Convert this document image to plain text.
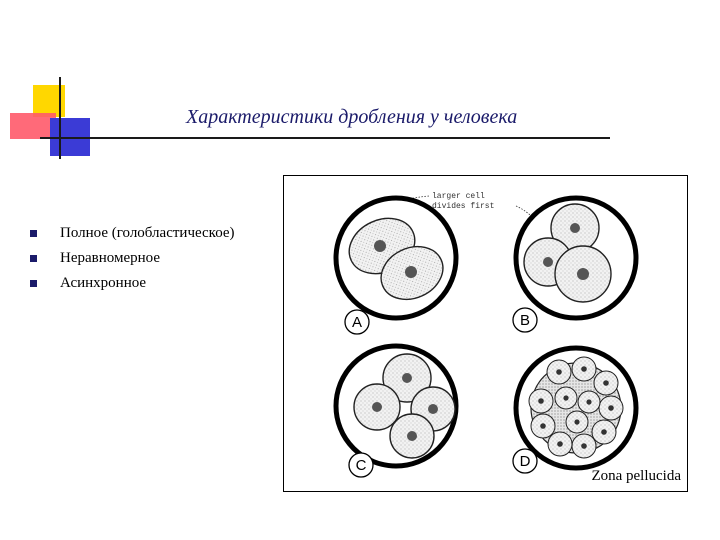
Характеристики дробления у человека
Полное (голобластическое)
Неравномерное
Асинхронное
larger cell
divides first
A	B
C	D
Zona pellucida
